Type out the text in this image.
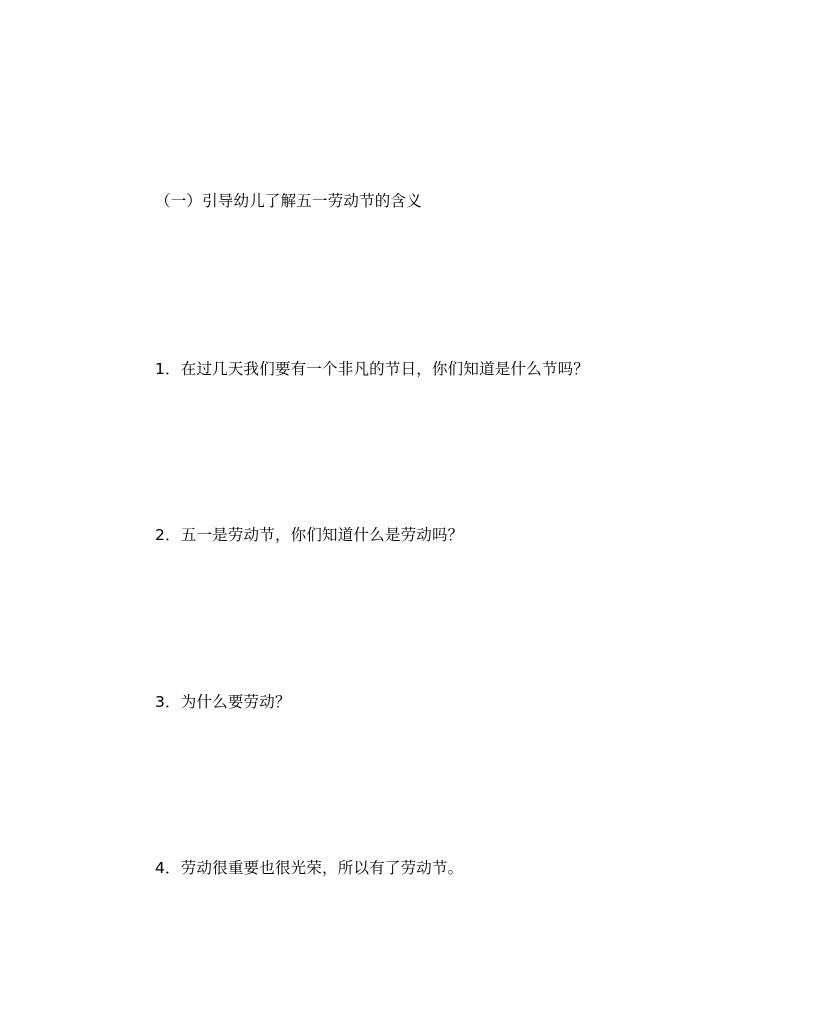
（一）引导幼儿了解五一劳动节的含义
1．在过几天我们要有一个非凡的节日，你们知道是什么节吗？
2．五一是劳动节，你们知道什么是劳动吗？
3．为什么要劳动？
4．劳动很重要也很光荣，所以有了劳动节。
